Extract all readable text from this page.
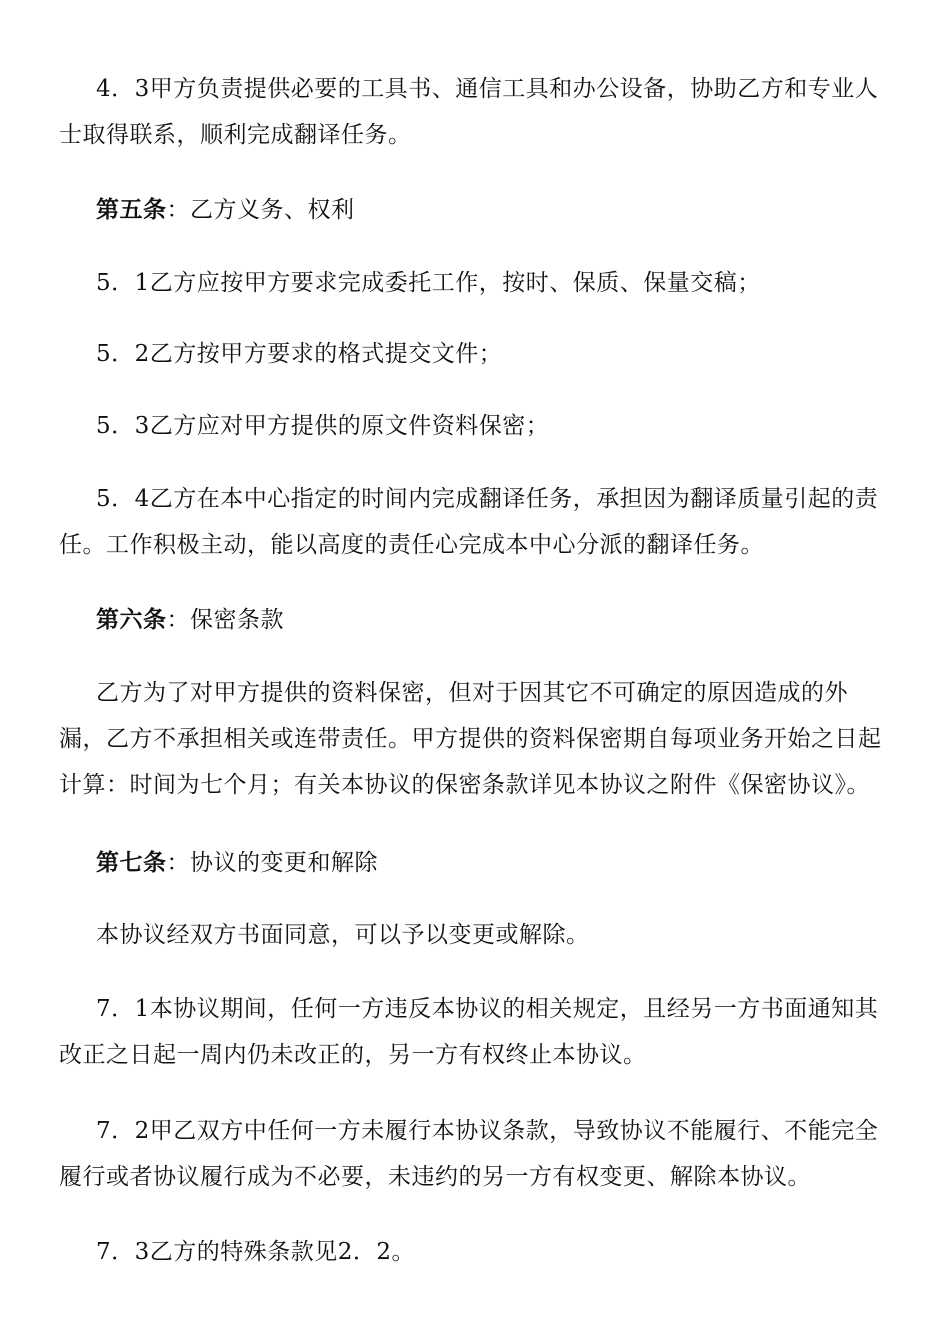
4．3甲方负责提供必要的工具书、通信工具和办公设备，协助乙方和专业人士取得联系，顺利完成翻译任务。

第五条：乙方义务、权利

5．1乙方应按甲方要求完成委托工作，按时、保质、保量交稿；

5．2乙方按甲方要求的格式提交文件；

5．3乙方应对甲方提供的原文件资料保密；

5．4乙方在本中心指定的时间内完成翻译任务，承担因为翻译质量引起的责任。工作积极主动，能以高度的责任心完成本中心分派的翻译任务。

第六条：保密条款

乙方为了对甲方提供的资料保密，但对于因其它不可确定的原因造成的外漏，乙方不承担相关或连带责任。甲方提供的资料保密期自每项业务开始之日起计算：时间为七个月；有关本协议的保密条款详见本协议之附件《保密协议》。

第七条：协议的变更和解除

本协议经双方书面同意，可以予以变更或解除。

7．1本协议期间，任何一方违反本协议的相关规定，且经另一方书面通知其改正之日起一周内仍未改正的，另一方有权终止本协议。

7．2甲乙双方中任何一方未履行本协议条款，导致协议不能履行、不能完全履行或者协议履行成为不必要，未违约的另一方有权变更、解除本协议。

7．3乙方的特殊条款见2．2。
